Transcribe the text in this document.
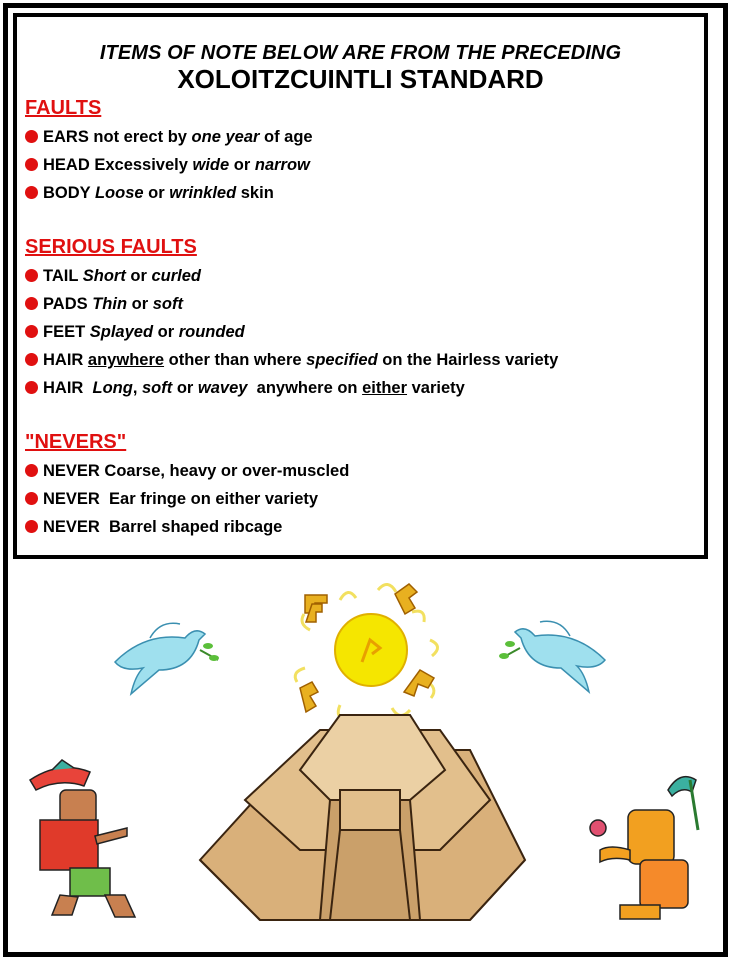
ITEMS OF NOTE BELOW ARE FROM THE PRECEDING
XOLOITZCUINTLI STANDARD
FAULTS
EARS not erect by one year of age
HEAD Excessively wide or narrow
BODY Loose or wrinkled skin
SERIOUS FAULTS
TAIL Short or curled
PADS Thin or soft
FEET Splayed or rounded
HAIR anywhere other than where specified on the Hairless variety
HAIR  Long, soft or wavey  anywhere on either variety
"NEVERS"
NEVER Coarse, heavy or over-muscled
NEVER  Ear fringe on either variety
NEVER  Barrel shaped ribcage
